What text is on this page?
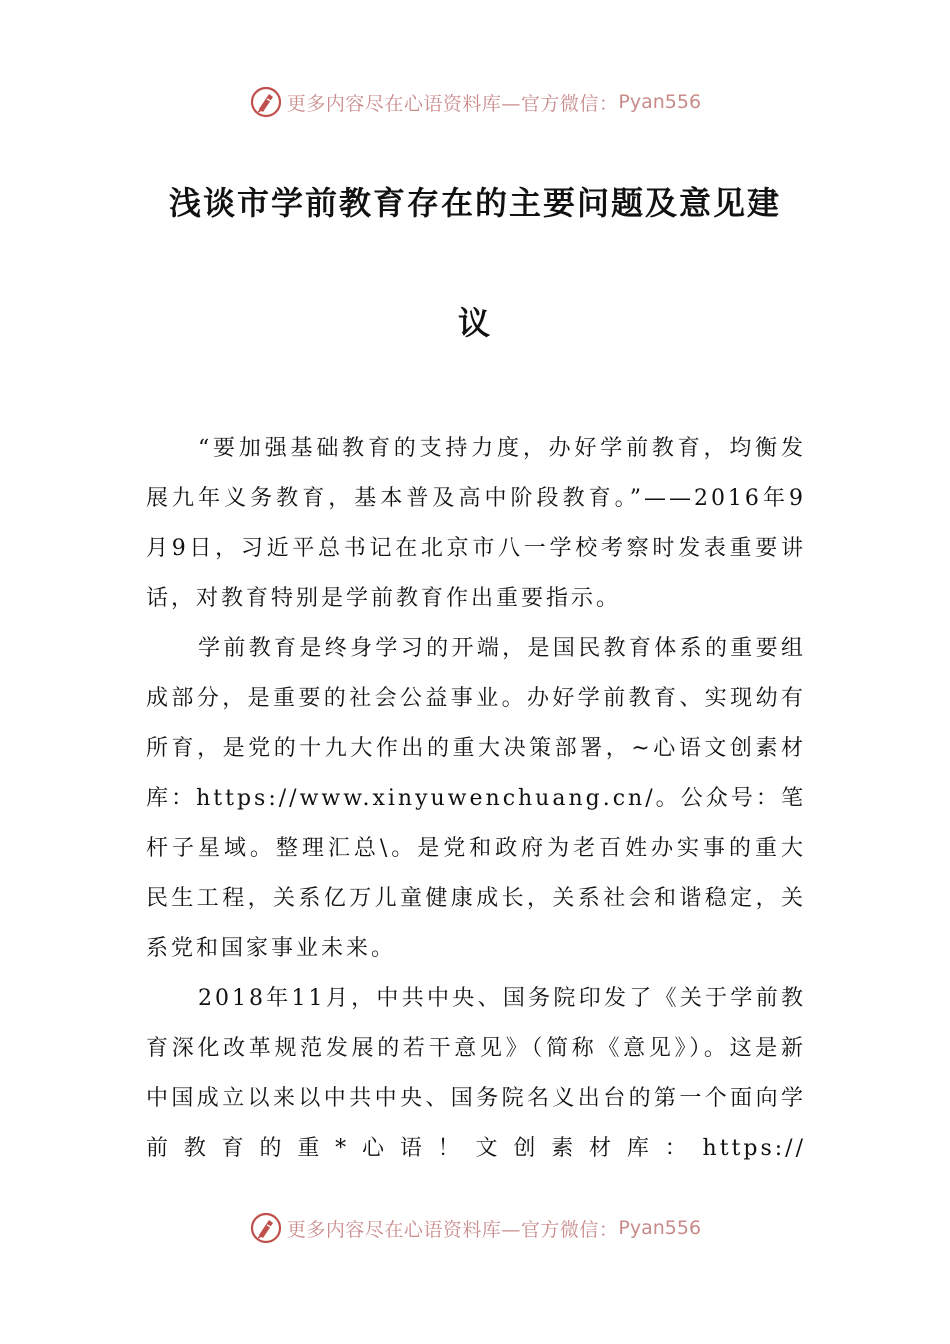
更多内容尽在心语资料库—官方微信： Pyan556
浅谈市学前教育存在的主要问题及意见建
议

“要加强基础教育的支持力度，办好学前教育，均衡发展九年义务教育，基本普及高中阶段教育。”——2016年9月9日，习近平总书记在北京市八一学校考察时发表重要讲话，对教育特别是学前教育作出重要指示。

学前教育是终身学习的开端，是国民教育体系的重要组成部分，是重要的社会公益事业。办好学前教育、实现幼有所育，是党的十九大作出的重大决策部署，~心语文创素材库：https://www.xinyuwenchuang.cn/。公众号：笔杆子星域。整理汇总\。是党和政府为老百姓办实事的重大民生工程，关系亿万儿童健康成长，关系社会和谐稳定，关系党和国家事业未来。

2018年11月，中共中央、国务院印发了《关于学前教育深化改革规范发展的若干意见》（简称《意见》）。这是新中国成立以来以中共中央、国务院名义出台的第一个面向学前教育的重*心语！文创素材库：https://

更多内容尽在心语资料库—官方微信： Pyan556
